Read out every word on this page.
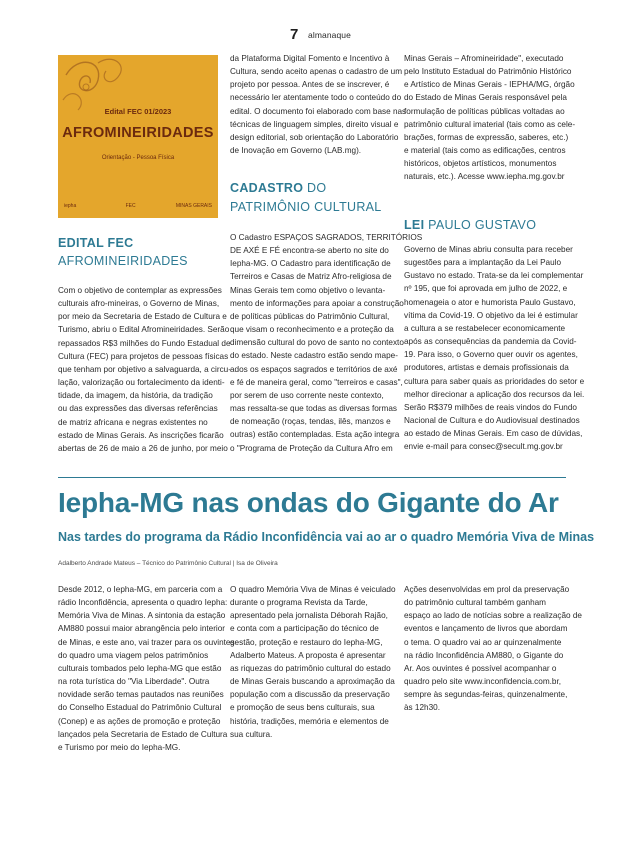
7 almanaque
Edital FEC 01/2023
AFROMINEIRIDADES
Orientação - Pessoa Física
iepha	FEC	MINAS GERAIS
EDITAL FEC
AFROMINEIRIDADES
Com o objetivo de contemplar as expressões
culturais afro-mineiras, o Governo de Minas,
por meio da Secretaria de Estado de Cultura e
Turismo, abriu o Edital Afromineiridades. Serão
repassados R$3 milhões do Fundo Estadual de
Cultura (FEC) para projetos de pessoas físicas
que tenham por objetivo a salvaguarda, a circu-
lação, valorização ou fortalecimento da identi-
tidade, da imagem, da história, da tradição
ou das expressões das diversas referências
de matriz africana e negras existentes no
estado de Minas Gerais. As inscrições ficarão
abertas de 26 de maio a 26 de junho, por meio
da Plataforma Digital Fomento e Incentivo à
Cultura, sendo aceito apenas o cadastro de um
projeto por pessoa. Antes de se inscrever, é
necessário ler atentamente todo o conteúdo do
edital. O documento foi elaborado com base nas
técnicas de linguagem simples, direito visual e
design editorial, sob orientação do Laboratório
de Inovação em Governo (LAB.mg).
CADASTRO DO
PATRIMÔNIO CULTURAL
O Cadastro ESPAÇOS SAGRADOS, TERRITÓRIOS
DE AXÉ E FÉ encontra-se aberto no site do
Iepha-MG. O Cadastro para identificação de
Terreiros e Casas de Matriz Afro-religiosa de
Minas Gerais tem como objetivo o levanta-
mento de informações para apoiar a construção
de políticas públicas do Patrimônio Cultural,
que visam o reconhecimento e a proteção da
dimensão cultural do povo de santo no contexto
do estado. Neste cadastro estão sendo mape-
ados os espaços sagrados e territórios de axé
e fé de maneira geral, como "terreiros e casas",
por serem de uso corrente neste contexto,
mas ressalta-se que todas as diversas formas
de nomeação (roças, tendas, ilês, manzos e
outras) estão contempladas. Esta ação integra
o "Programa de Proteção da Cultura Afro em
Minas Gerais – Afromineiridade", executado
pelo Instituto Estadual do Patrimônio Histórico
e Artístico de Minas Gerais - IEPHA/MG, órgão
do Estado de Minas Gerais responsável pela
formulação de políticas públicas voltadas ao
patrimônio cultural imaterial (tais como as cele-
brações, formas de expressão, saberes, etc.)
e material (tais como as edificações, centros
históricos, objetos artísticos, monumentos
naturais, etc.). Acesse www.iepha.mg.gov.br
LEI PAULO GUSTAVO
Governo de Minas abriu consulta para receber
sugestões para a implantação da Lei Paulo
Gustavo no estado. Trata-se da lei complementar
nº 195, que foi aprovada em julho de 2022, e
homenageia o ator e humorista Paulo Gustavo,
vítima da Covid-19. O objetivo da lei é estimular
a cultura a se restabelecer economicamente
após as consequências da pandemia da Covid-
19. Para isso, o Governo quer ouvir os agentes,
produtores, artistas e demais profissionais da
cultura para saber quais as prioridades do setor e
melhor direcionar a aplicação dos recursos da lei.
Serão R$379 milhões de reais vindos do Fundo
Nacional de Cultura e do Audiovisual destinados
ao estado de Minas Gerais. Em caso de dúvidas,
envie e-mail para consec@secult.mg.gov.br
Iepha-MG nas ondas do Gigante do Ar
Nas tardes do programa da Rádio Inconfidência vai ao ar o quadro Memória Viva de Minas
Adalberto Andrade Mateus – Técnico do Patrimônio Cultural | Isa de Oliveira
Desde 2012, o Iepha-MG, em parceria com a
rádio Inconfidência, apresenta o quadro Iepha:
Memória Viva de Minas. A sintonia da estação
AM880 possui maior abrangência pelo interior
de Minas, e este ano, vai trazer para os ouvintes
do quadro uma viagem pelos patrimônios
culturais tombados pelo Iepha-MG que estão
na rota turística do "Via Liberdade". Outra
novidade serão temas pautados nas reuniões
do Conselho Estadual do Patrimônio Cultural
(Conep) e as ações de promoção e proteção
lançados pela Secretaria de Estado de Cultura
e Turismo por meio do Iepha-MG.
O quadro Memória Viva de Minas é veiculado
durante o programa Revista da Tarde,
apresentado pela jornalista Déborah Rajão,
e conta com a participação do técnico de
gestão, proteção e restauro do Iepha-MG,
Adalberto Mateus. A proposta é apresentar
as riquezas do patrimônio cultural do estado
de Minas Gerais buscando a aproximação da
população com a discussão da preservação
e promoção de seus bens culturais, sua
história, tradições, memória e elementos de
sua cultura.
Ações desenvolvidas em prol da preservação
do patrimônio cultural também ganham
espaço ao lado de notícias sobre a realização de
eventos e lançamento de livros que abordam
o tema. O quadro vai ao ar quinzenalmente
na rádio Inconfidência AM880, o Gigante do
Ar. Aos ouvintes é possível acompanhar o
quadro pelo site www.inconfidencia.com.br,
sempre às segundas-feiras, quinzenalmente,
às 12h30.
